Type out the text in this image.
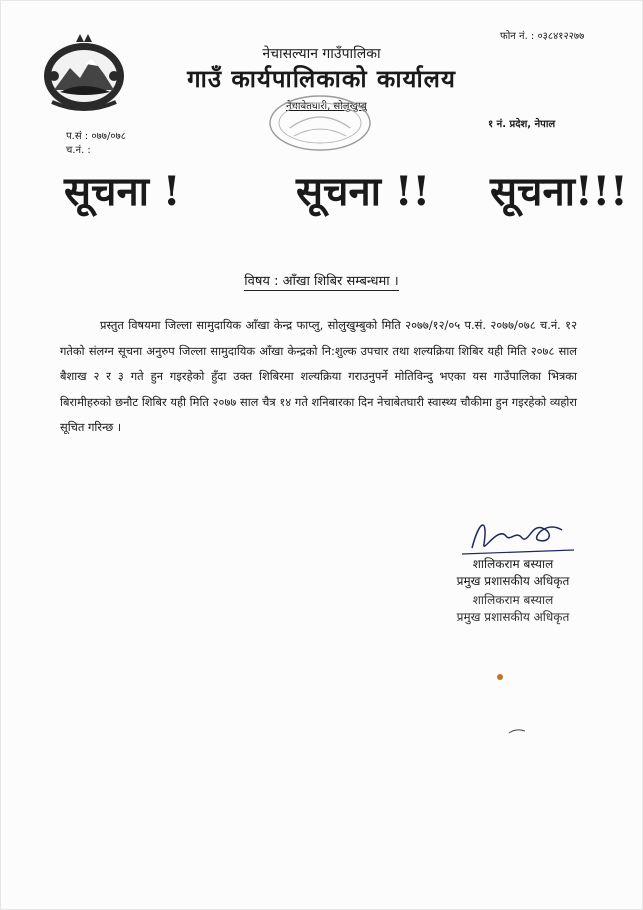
फोन नं. : ०३८४१२२७७
नेचासल्यान गाउँपालिका
गाउँ कार्यपालिकाको कार्यालय
नेचाबेतघारी, सोलुखुम्बु
१ नं. प्रदेश, नेपाल
प.सं : ०७७/०७८
च.नं. :
सूचना !	सूचना !! सूचना!!!
विषय : आँखा शिबिर सम्बन्धमा ।
प्रस्तुत विषयमा जिल्ला सामुदायिक आँखा केन्द्र फाप्लु, सोलुखुम्बुको मिति २०७७/१२/०५ प.सं. २०७७/०७८ च.नं. १२ गतेको संलग्न सूचना अनुरुप जिल्ला सामुदायिक आँखा केन्द्रको नि:शुल्क उपचार तथा शल्यक्रिया शिबिर यही मिति २०७८ साल बैशाख २ र ३ गते हुन गइरहेको हुँदा उक्त शिबिरमा शल्यक्रिया गराउनुपर्ने मोतिविन्दु भएका यस गाउँपालिका भित्रका बिरामीहरुको छनौट शिबिर यही मिति २०७७ साल चैत्र १४ गते शनिबारका दिन नेचाबेतघारी स्वास्थ्य चौकीमा हुन गइरहेको व्यहोरा सूचित गरिन्छ ।
शालिकराम बस्याल
प्रमुख प्रशासकीय अधिकृत
शालिकराम बस्याल
प्रमुख प्रशासकीय अधिकृत
